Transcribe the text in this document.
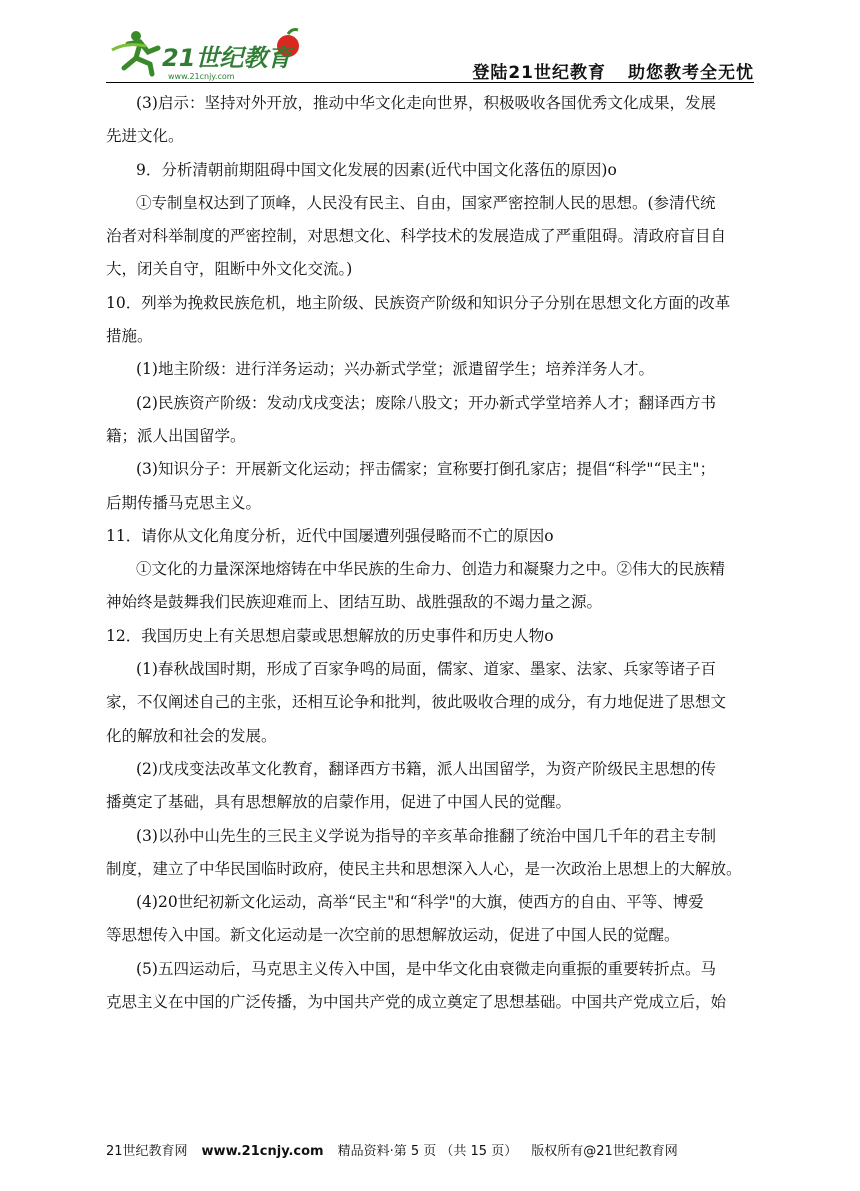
21世纪教育
www.21cnjy.com	登陆21世纪教育 助您教考全无忧
(3)启示：坚持对外开放，推动中华文化走向世界，积极吸收各国优秀文化成果，发展
先进文化。
9．分析清朝前期阻碍中国文化发展的因素(近代中国文化落伍的原因)o
①专制皇权达到了顶峰，人民没有民主、自由，国家严密控制人民的思想。(参清代统
治者对科举制度的严密控制，对思想文化、科学技术的发展造成了严重阻碍。清政府盲目自
大，闭关自守，阻断中外文化交流。)
10．列举为挽救民族危机，地主阶级、民族资产阶级和知识分子分别在思想文化方面的改革
措施。
(1)地主阶级：进行洋务运动；兴办新式学堂；派遣留学生；培养洋务人才。
(2)民族资产阶级：发动戊戌变法；废除八股文；开办新式学堂培养人才；翻译西方书
籍；派人出国留学。
(3)知识分子：开展新文化运动；抨击儒家；宣称要打倒孔家店；提倡“科学"“民主"；
后期传播马克思主义。
11．请你从文化角度分析，近代中国屡遭列强侵略而不亡的原因o
①文化的力量深深地熔铸在中华民族的生命力、创造力和凝聚力之中。②伟大的民族精
神始终是鼓舞我们民族迎难而上、团结互助、战胜强敌的不竭力量之源。
12．我国历史上有关思想启蒙或思想解放的历史事件和历史人物o
(1)春秋战国时期，形成了百家争鸣的局面，儒家、道家、墨家、法家、兵家等诸子百
家，不仅阐述自己的主张，还相互论争和批判，彼此吸收合理的成分，有力地促进了思想文
化的解放和社会的发展。
(2)戊戌变法改革文化教育，翻译西方书籍，派人出国留学，为资产阶级民主思想的传
播奠定了基础，具有思想解放的启蒙作用，促进了中国人民的觉醒。
(3)以孙中山先生的三民主义学说为指导的辛亥革命推翻了统治中国几千年的君主专制
制度，建立了中华民国临时政府，使民主共和思想深入人心，是一次政治上思想上的大解放。
(4)20世纪初新文化运动，高举“民主"和“科学"的大旗，使西方的自由、平等、博爱
等思想传入中国。新文化运动是一次空前的思想解放运动，促进了中国人民的觉醒。
(5)五四运动后，马克思主义传入中国，是中华文化由衰微走向重振的重要转折点。马
克思主义在中国的广泛传播，为中国共产党的成立奠定了思想基础。中国共产党成立后，始
21世纪教育网 www.21cnjy.com 精品资料·第 5 页 （共 15 页） 版权所有@21世纪教育网
